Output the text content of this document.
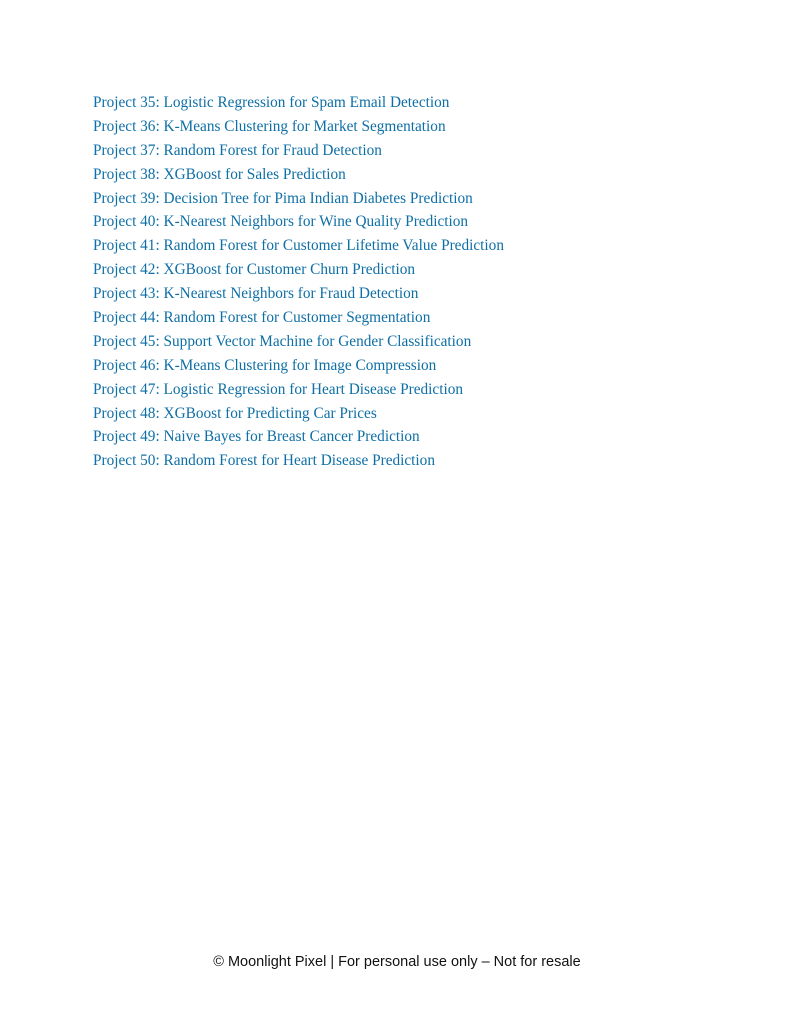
Project 35: Logistic Regression for Spam Email Detection
Project 36: K-Means Clustering for Market Segmentation
Project 37: Random Forest for Fraud Detection
Project 38: XGBoost for Sales Prediction
Project 39: Decision Tree for Pima Indian Diabetes Prediction
Project 40: K-Nearest Neighbors for Wine Quality Prediction
Project 41: Random Forest for Customer Lifetime Value Prediction
Project 42: XGBoost for Customer Churn Prediction
Project 43: K-Nearest Neighbors for Fraud Detection
Project 44: Random Forest for Customer Segmentation
Project 45: Support Vector Machine for Gender Classification
Project 46: K-Means Clustering for Image Compression
Project 47: Logistic Regression for Heart Disease Prediction
Project 48: XGBoost for Predicting Car Prices
Project 49: Naive Bayes for Breast Cancer Prediction
Project 50: Random Forest for Heart Disease Prediction
© Moonlight Pixel | For personal use only – Not for resale
